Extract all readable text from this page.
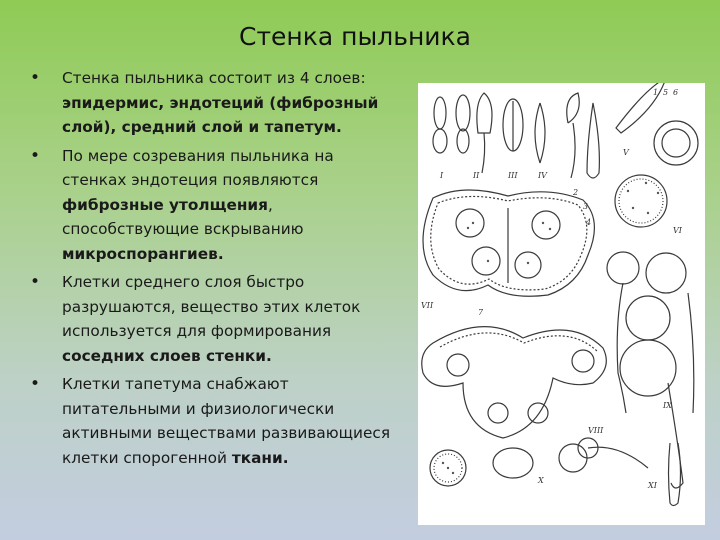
Стенка пыльника
• Стенка пыльника состоит из 4 слоев: эпидермис, эндотеций (фиброзный слой), средний слой и тапетум.
• По мере созревания пыльника на стенках эндотеция появляются фиброзные утолщения, способствующие вскрыванию микроспорангиев.
• Клетки среднего слоя быстро разрушаются, вещество этих клеток используется для формирования соседних слоев стенки.
• Клетки тапетума снабжают питательными и физиологически активными веществами развивающиеся клетки спорогенной ткани.
I	II	III	IV
V
VI
VII
VIII
IX
X
XI
1
2
3
4
5 6
7
